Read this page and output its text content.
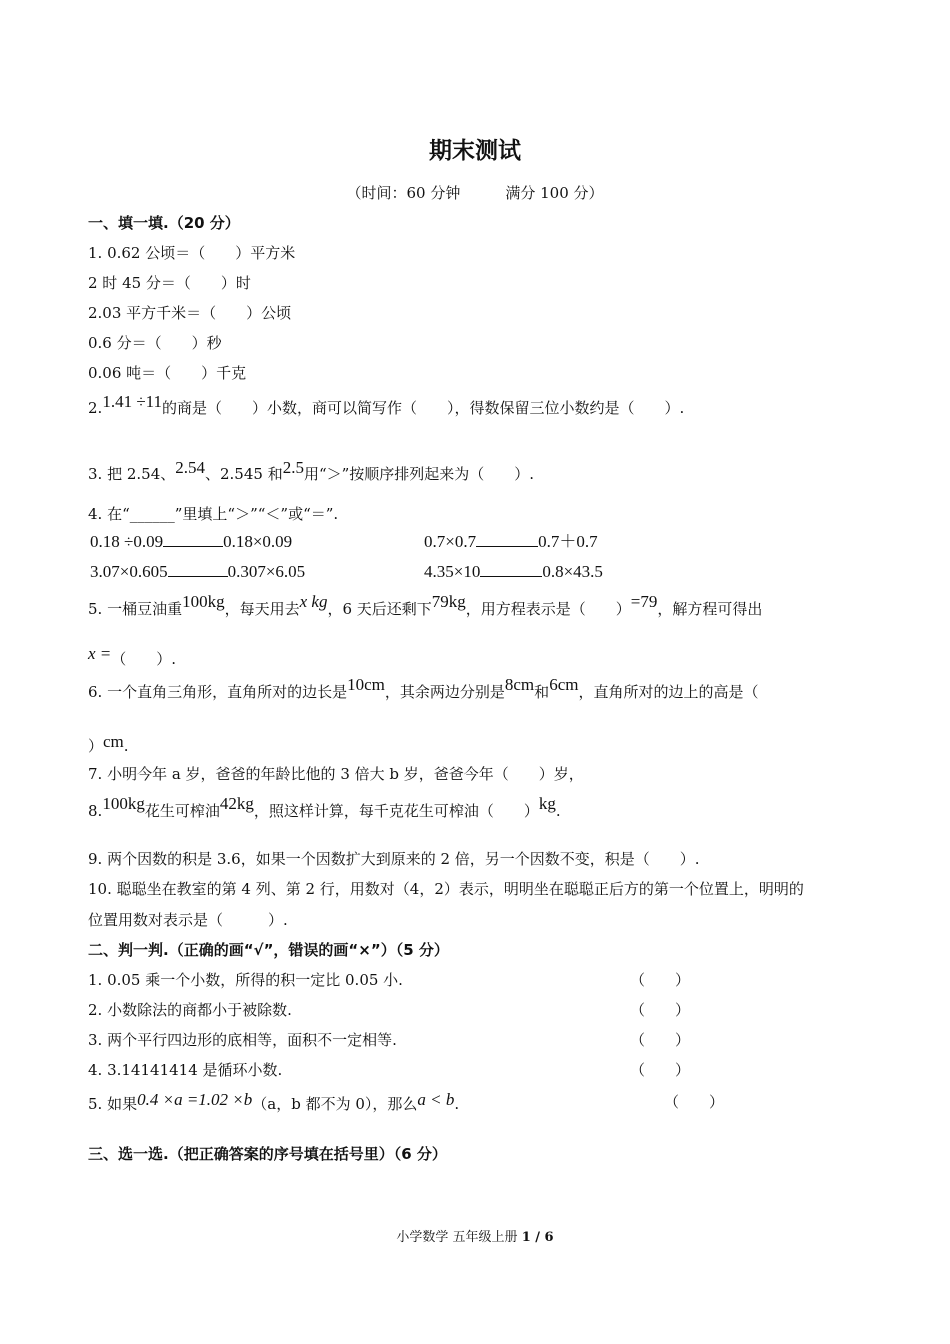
期末测试
（时间：60 分钟　　　满分 100 分）
一、填一填.（20 分）
1. 0.62 公顷＝（　　）平方米
2 时 45 分＝（　　）时
2.03 平方千米＝（　　）公顷
0.6 分＝（　　）秒
0.06 吨＝（　　）千克
2.1.41 ÷11的商是（　　）小数，商可以简写作（　　），得数保留三位小数约是（　　）.
3. 把 2.54、2.54、2.545 和2.5用“＞”按顺序排列起来为（　　）.
4. 在“______”里填上“＞”“＜”或“＝”.
0.18 ÷0.09	0.18×0.09	0.7×0.7	0.7＋0.7
3.07×0.605	0.307×6.05	4.35×10	0.8×43.5
5. 一桶豆油重100kg，每天用去x kg，6 天后还剩下79kg，用方程表示是（　　）=79，解方程可得出
x =（　　）.
6. 一个直角三角形，直角所对的边长是10cm，其余两边分别是8cm和6cm，直角所对的边上的高是（
）cm.
7. 小明今年 a 岁，爸爸的年龄比他的 3 倍大 b 岁，爸爸今年（　　）岁，
8.100kg花生可榨油42kg，照这样计算，每千克花生可榨油（　　）kg.
9. 两个因数的积是 3.6，如果一个因数扩大到原来的 2 倍，另一个因数不变，积是（　　）.
10. 聪聪坐在教室的第 4 列、第 2 行，用数对（4，2）表示，明明坐在聪聪正后方的第一个位置上，明明的
位置用数对表示是（　　　）.
二、判一判.（正确的画“√”，错误的画“×”）（5 分）
1. 0.05 乘一个小数，所得的积一定比 0.05 小.	（　　）
2. 小数除法的商都小于被除数.	（　　）
3. 两个平行四边形的底相等，面积不一定相等.	（　　）
4. 3.14141414 是循环小数.	（　　）
5. 如果0.4 ×a =1.02 ×b（a，b 都不为 0），那么a < b.	（　　）
三、选一选.（把正确答案的序号填在括号里）（6 分）
小学数学 五年级上册 1 / 6
